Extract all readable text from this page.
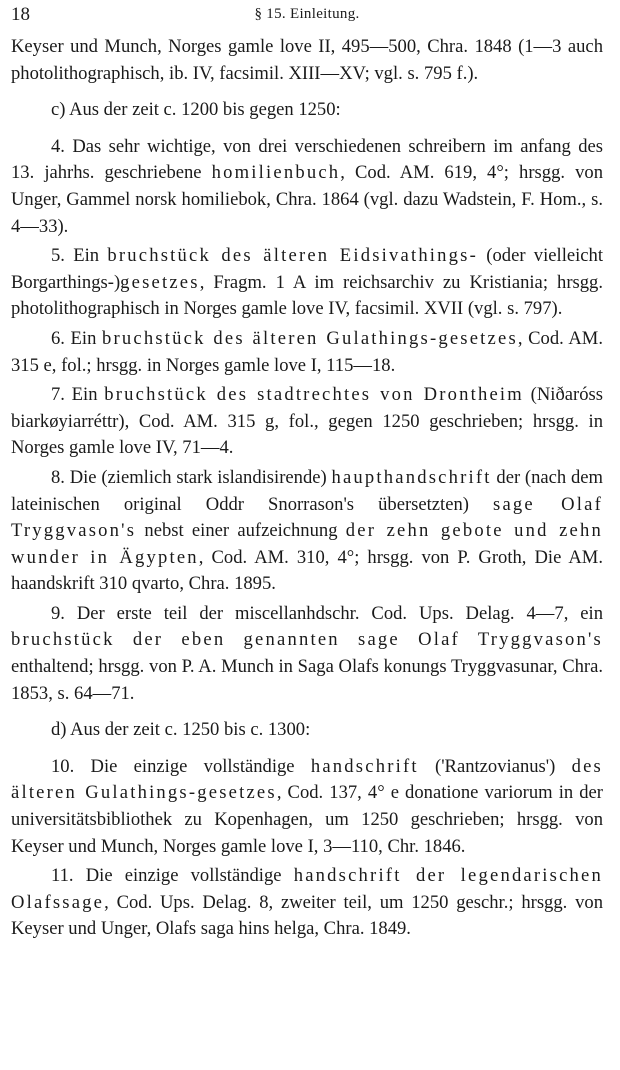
18	§ 15. Einleitung.

Keyser und Munch, Norges gamle love II, 495—500, Chra. 1848 (1—3 auch photolithographisch, ib. IV, facsimil. XIII—XV; vgl. s. 795 f.).

c) Aus der zeit c. 1200 bis gegen 1250:

4. Das sehr wichtige, von drei verschiedenen schreibern im anfang des 13. jahrhs. geschriebene homilienbuch, Cod. AM. 619, 4°; hrsgg. von Unger, Gammel norsk homiliebok, Chra. 1864 (vgl. dazu Wadstein, F. Hom., s. 4—33).

5. Ein bruchstück des älteren Eidsivathings- (oder vielleicht Borgarthings-)gesetzes, Fragm. 1 A im reichsarchiv zu Kristiania; hrsgg. photolithographisch in Norges gamle love IV, facsimil. XVII (vgl. s. 797).

6. Ein bruchstück des älteren Gulathings-gesetzes, Cod. AM. 315 e, fol.; hrsgg. in Norges gamle love I, 115—18.

7. Ein bruchstück des stadtrechtes von Drontheim (Niðaróss biarkøyiarréttr), Cod. AM. 315 g, fol., gegen 1250 geschrieben; hrsgg. in Norges gamle love IV, 71—4.

8. Die (ziemlich stark islandisirende) haupthandschrift der (nach dem lateinischen original Oddr Snorrason's übersetzten) sage Olaf Tryggvason's nebst einer aufzeichnung der zehn gebote und zehn wunder in Ägypten, Cod. AM. 310, 4°; hrsgg. von P. Groth, Die AM. haandskrift 310 qvarto, Chra. 1895.

9. Der erste teil der miscellanhdschr. Cod. Ups. Delag. 4—7, ein bruchstück der eben genannten sage Olaf Tryggvason's enthaltend; hrsgg. von P. A. Munch in Saga Olafs konungs Tryggvasunar, Chra. 1853, s. 64—71.

d) Aus der zeit c. 1250 bis c. 1300:

10. Die einzige vollständige handschrift ('Rantzovianus') des älteren Gulathings-gesetzes, Cod. 137, 4° e donatione variorum in der universitätsbibliothek zu Kopenhagen, um 1250 geschrieben; hrsgg. von Keyser und Munch, Norges gamle love I, 3—110, Chr. 1846.

11. Die einzige vollständige handschrift der legendarischen Olafssage, Cod. Ups. Delag. 8, zweiter teil, um 1250 geschr.; hrsgg. von Keyser und Unger, Olafs saga hins helga, Chra. 1849.
